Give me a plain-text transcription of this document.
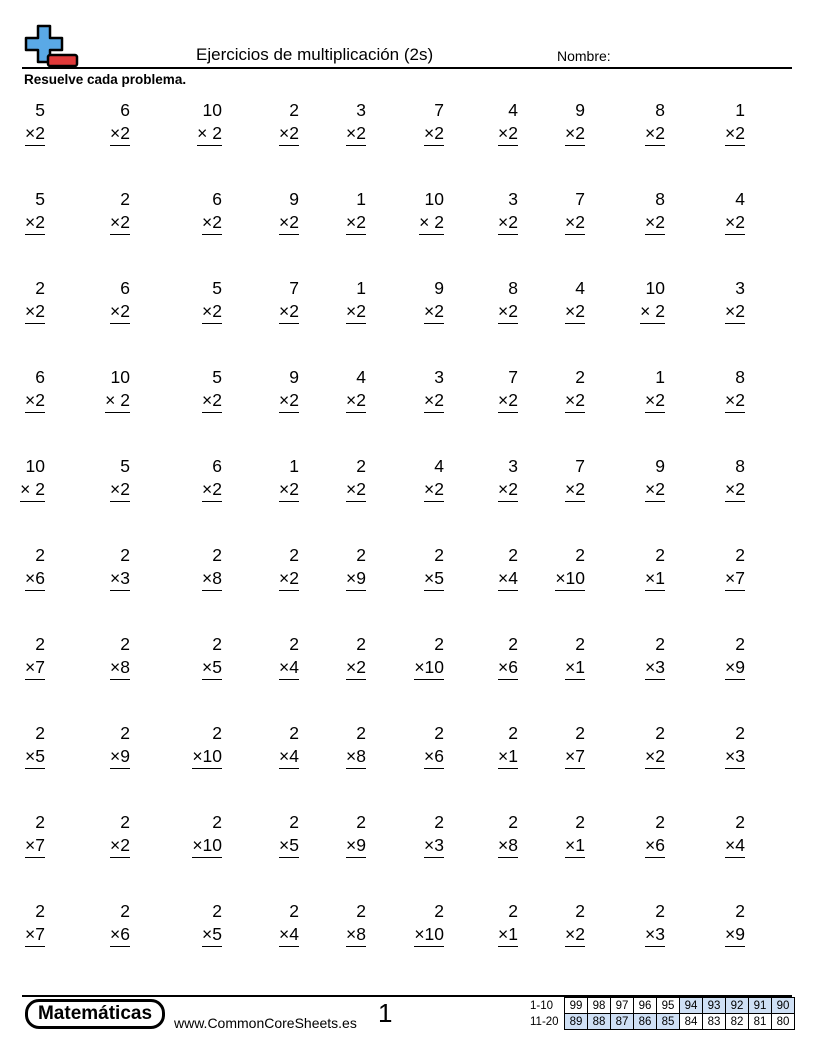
Ejercicios de multiplicación (2s)	Nombre:
Resuelve cada problema.
5
×2
6
×2
10
× 2
2
×2
3
×2
7
×2
4
×2
9
×2
8
×2
1
×2
5
×2
2
×2
6
×2
9
×2
1
×2
10
× 2
3
×2
7
×2
8
×2
4
×2
2
×2
6
×2
5
×2
7
×2
1
×2
9
×2
8
×2
4
×2
10
× 2
3
×2
6
×2
10
× 2
5
×2
9
×2
4
×2
3
×2
7
×2
2
×2
1
×2
8
×2
10
× 2
5
×2
6
×2
1
×2
2
×2
4
×2
3
×2
7
×2
9
×2
8
×2
2
×6
2
×3
2
×8
2
×2
2
×9
2
×5
2
×4
2
×10
2
×1
2
×7
2
×7
2
×8
2
×5
2
×4
2
×2
2
×10
2
×6
2
×1
2
×3
2
×9
2
×5
2
×9
2
×10
2
×4
2
×8
2
×6
2
×1
2
×7
2
×2
2
×3
2
×7
2
×2
2
×10
2
×5
2
×9
2
×3
2
×8
2
×1
2
×6
2
×4
2
×7
2
×6
2
×5
2
×4
2
×8
2
×10
2
×1
2
×2
2
×3
2
×9
Matemáticas www.CommonCoreSheets.es 1	1-10	99	98	97	96	95	94	93	92	91	90
11-20	89	88	87	86	85	84	83	82	81	80
